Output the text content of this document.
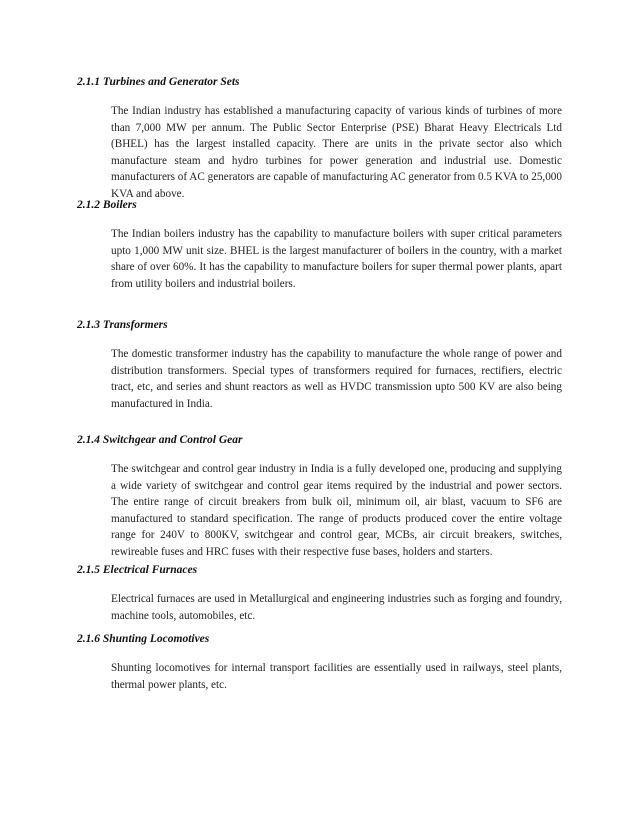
2.1.1 Turbines and Generator Sets

The Indian industry has established a manufacturing capacity of various kinds of turbines of more than 7,000 MW per annum. The Public Sector Enterprise (PSE) Bharat Heavy Electricals Ltd (BHEL) has the largest installed capacity. There are units in the private sector also which manufacture steam and hydro turbines for power generation and industrial use. Domestic manufacturers of AC generators are capable of manufacturing AC generator from 0.5 KVA to 25,000 KVA and above.

2.1.2 Boilers

The Indian boilers industry has the capability to manufacture boilers with super critical parameters upto 1,000 MW unit size. BHEL is the largest manufacturer of boilers in the country, with a market share of over 60%. It has the capability to manufacture boilers for super thermal power plants, apart from utility boilers and industrial boilers.

2.1.3 Transformers

The domestic transformer industry has the capability to manufacture the whole range of power and distribution transformers. Special types of transformers required for furnaces, rectifiers, electric tract, etc, and series and shunt reactors as well as HVDC transmission upto 500 KV are also being manufactured in India.

2.1.4 Switchgear and Control Gear

The switchgear and control gear industry in India is a fully developed one, producing and supplying a wide variety of switchgear and control gear items required by the industrial and power sectors. The entire range of circuit breakers from bulk oil, minimum oil, air blast, vacuum to SF6 are manufactured to standard specification. The range of products produced cover the entire voltage range for 240V to 800KV, switchgear and control gear, MCBs, air circuit breakers, switches, rewireable fuses and HRC fuses with their respective fuse bases, holders and starters.

2.1.5 Electrical Furnaces

Electrical furnaces are used in Metallurgical and engineering industries such as forging and foundry, machine tools, automobiles, etc.

2.1.6 Shunting Locomotives

Shunting locomotives for internal transport facilities are essentially used in railways, steel plants, thermal power plants, etc.
